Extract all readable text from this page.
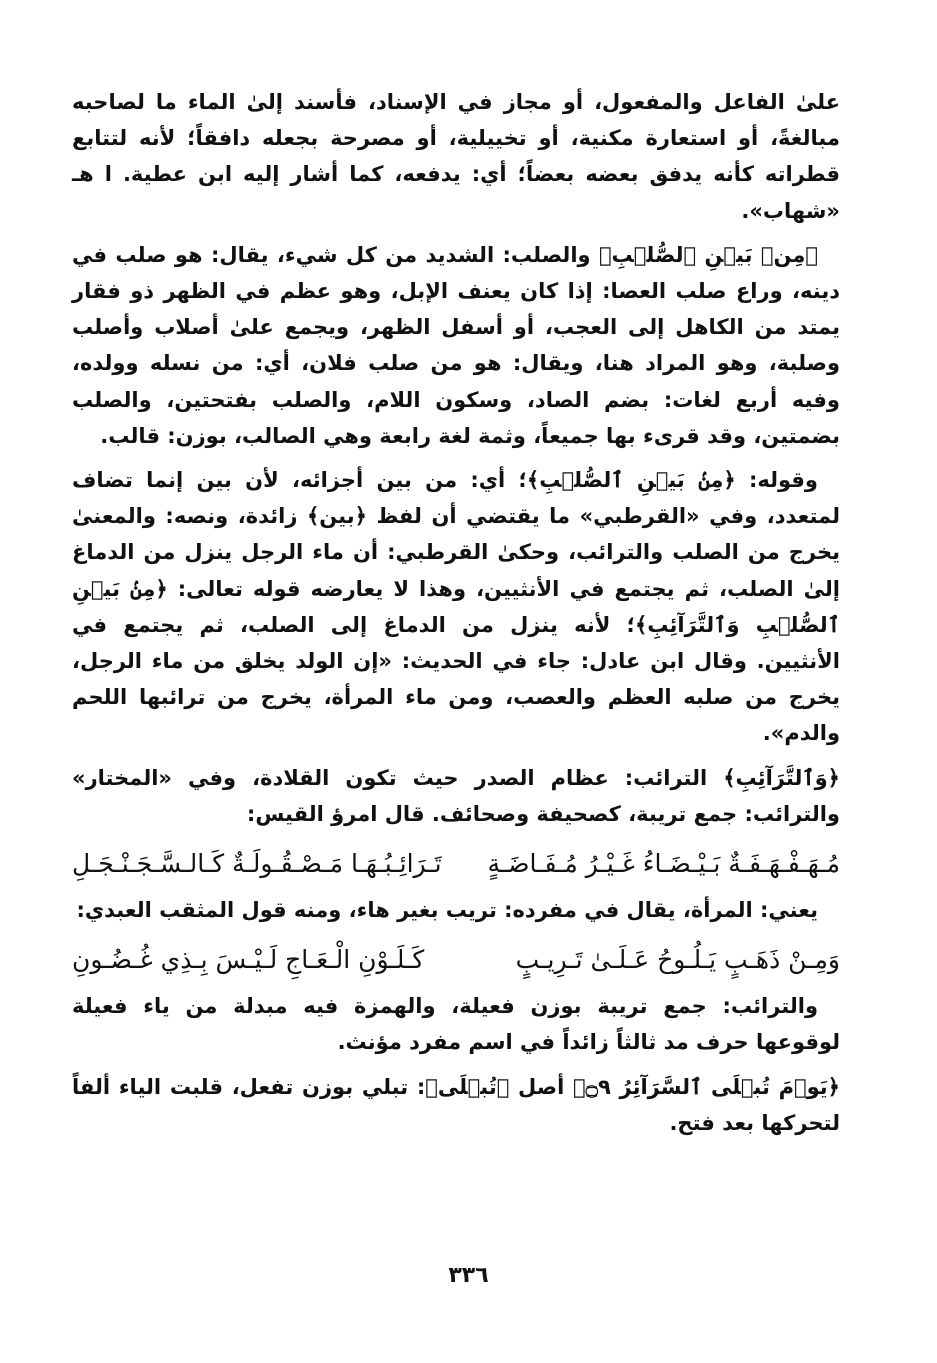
علىٰ الفاعل والمفعول، أو مجاز في الإسناد، فأسند إلىٰ الماء ما لصاحبه مبالغةً، أو استعارة مكنية، أو تخييلية، أو مصرحة بجعله دافقاً؛ لأنه لتتابع قطراته كأنه يدفق بعضه بعضاً؛ أي: يدفعه، كما أشار إليه ابن عطية. ا هـ «شهاب».

﴿مِنۢ بَيۡنِ ٱلصُّلۡبِ﴾ والصلب: الشديد من كل شيء، يقال: هو صلب في دينه، وراع صلب العصا: إذا كان يعنف الإبل، وهو عظم في الظهر ذو فقار يمتد من الكاهل إلى العجب، أو أسفل الظهر، ويجمع علىٰ أصلاب وأصلب وصلبة، وهو المراد هنا، ويقال: هو من صلب فلان، أي: من نسله وولده، وفيه أربع لغات: بضم الصاد، وسكون اللام، والصلب بفتحتين، والصلب بضمتين، وقد قرىء بها جميعاً، وثمة لغة رابعة وهي الصالب، بوزن: قالب.

وقوله: ﴿مِنۢ بَيۡنِ ٱلصُّلۡبِ﴾؛ أي: من بين أجزائه، لأن بين إنما تضاف لمتعدد، وفي «القرطبي» ما يقتضي أن لفظ ﴿بين﴾ زائدة، ونصه: والمعنىٰ يخرج من الصلب والترائب، وحكىٰ القرطبي: أن ماء الرجل ينزل من الدماغ إلىٰ الصلب، ثم يجتمع في الأنثيين، وهذا لا يعارضه قوله تعالى: ﴿مِنۢ بَيۡنِ ٱلصُّلۡبِ وَٱلتَّرَآئِبِ﴾؛ لأنه ينزل من الدماغ إلى الصلب، ثم يجتمع في الأنثيين. وقال ابن عادل: جاء في الحديث: «إن الولد يخلق من ماء الرجل، يخرج من صلبه العظم والعصب، ومن ماء المرأة، يخرج من ترائبها اللحم والدم».

﴿وَٱلتَّرَآئِبِ﴾ الترائب: عظام الصدر حيث تكون القلادة، وفي «المختار» والترائب: جمع تريبة، كصحيفة وصحائف. قال امرؤ القيس:

مُـهَـفْـهَـفَـةٌ بَـيْـضَـاءُ غَـيْـرُ مُـفَـاضَـةٍ
تَـرَائِـبُـهَـا مَـصْـقُـولَـةٌ كَـالـسَّـجَـنْـجَـلِ

يعني: المرأة، يقال في مفرده: تريب بغير هاء، ومنه قول المثقب العبدي:

وَمِـنْ ذَهَـبٍ يَـلُـوحُ عَـلَـىٰ تَـرِيـبٍ
كَـلَـوْنِ الْـعَـاجِ لَـيْـسَ بِـذِي غُـضُـونِ

والترائب: جمع تريبة بوزن فعيلة، والهمزة فيه مبدلة من ياء فعيلة لوقوعها حرف مد ثالثاً زائداً في اسم مفرد مؤنث.

﴿يَوۡمَ تُبۡلَى ٱلسَّرَآئِرُ ۝٩﴾ أصل ﴿تُبۡلَى﴾: تبلي بوزن تفعل، قلبت الياء ألفاً لتحركها بعد فتح.

٣٣٦
